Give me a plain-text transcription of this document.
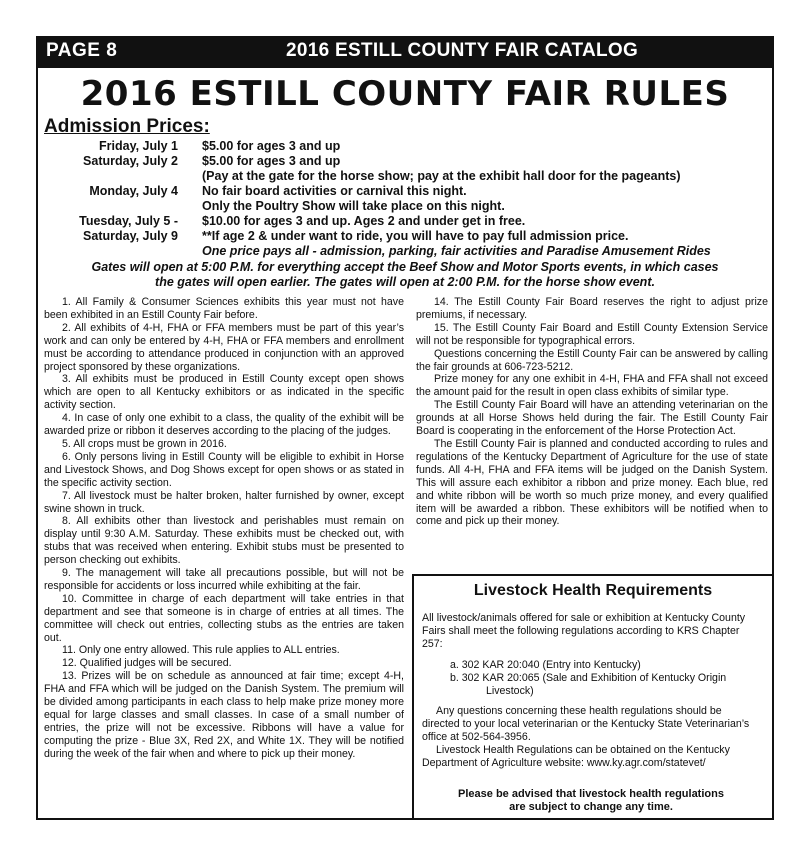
PAGE 8	2016 ESTILL COUNTY FAIR CATALOG
2016 ESTILL COUNTY FAIR RULES
Admission Prices:
Friday, July 1 $5.00 for ages 3 and up
Saturday, July 2 $5.00 for ages 3 and up
(Pay at the gate for the horse show; pay at the exhibit hall door for the pageants)
Monday, July 4 No fair board activities or carnival this night.
Only the Poultry Show will take place on this night.
Tuesday, July 5 - $10.00 for ages 3 and up. Ages 2 and under get in free.
Saturday, July 9 **If age 2 & under want to ride, you will have to pay full admission price.
One price pays all - admission, parking, fair activities and Paradise Amusement Rides
Gates will open at 5:00 P.M. for everything accept the Beef Show and Motor Sports events, in which cases
the gates will open earlier. The gates will open at 2:00 P.M. for the horse show event.

1. All Family & Consumer Sciences exhibits this year must not have been exhibited in an Estill County Fair before.

2. All exhibits of 4-H, FHA or FFA members must be part of this year’s work and can only be entered by 4-H, FHA or FFA members and enrollment must be according to attendance produced in conjunction with an approved project sponsored by these organizations.

3. All exhibits must be produced in Estill County except open shows which are open to all Kentucky exhibitors or as indicated in the specific activity section.

4. In case of only one exhibit to a class, the quality of the exhibit will be awarded prize or ribbon it deserves according to the placing of the judges.

5. All crops must be grown in 2016.

6. Only persons living in Estill County will be eligible to exhibit in Horse and Livestock Shows, and Dog Shows except for open shows or as stated in the specific activity section.

7. All livestock must be halter broken, halter furnished by owner, except swine shown in truck.

8. All exhibits other than livestock and perishables must remain on display until 9:30 A.M. Saturday. These exhibits must be checked out, with stubs that was received when entering. Exhibit stubs must be presented to person checking out exhibits.

9. The management will take all precautions possible, but will not be responsible for accidents or loss incurred while exhibiting at the fair.

10. Committee in charge of each department will take entries in that department and see that someone is in charge of entries at all times. The committee will check out entries, collecting stubs as the entries are taken out.

11. Only one entry allowed. This rule applies to ALL entries.

12. Qualified judges will be secured.

13. Prizes will be on schedule as announced at fair time; except 4-H, FHA and FFA which will be judged on the Danish System. The premium will be divided among participants in each class to help make prize money more equal for large classes and small classes. In case of a small number of entries, the prize will not be excessive. Ribbons will have a value for computing the prize - Blue 3X, Red 2X, and White 1X. They will be notified during the week of the fair when and where to pick up their money.

14. The Estill County Fair Board reserves the right to adjust prize premiums, if necessary.

15. The Estill County Fair Board and Estill County Extension Service will not be responsible for typographical errors.

Questions concerning the Estill County Fair can be answered by calling the fair grounds at 606-723-5212.

Prize money for any one exhibit in 4-H, FHA and FFA shall not exceed the amount paid for the result in open class exhibits of similar type.

The Estill County Fair Board will have an attending veterinarian on the grounds at all Horse Shows held during the fair. The Estill County Fair Board is cooperating in the enforcement of the Horse Protection Act.

The Estill County Fair is planned and conducted according to rules and regulations of the Kentucky Department of Agriculture for the use of state funds. All 4-H, FHA and FFA items will be judged on the Danish System. This will assure each exhibitor a ribbon and prize money. Each blue, red and white ribbon will be worth so much prize money, and every qualified item will be awarded a ribbon. These exhibitors will be notified when to come and pick up their money.

Livestock Health Requirements

All livestock/animals offered for sale or exhibition at Kentucky County Fairs shall meet the following regulations according to KRS Chapter 257:

a. 302 KAR 20:040 (Entry into Kentucky)

b. 302 KAR 20:065 (Sale and Exhibition of Kentucky Origin

Livestock)

Any questions concerning these health regulations should be directed to your local veterinarian or the Kentucky State Veterinarian’s office at 502-564-3956.

Livestock Health Regulations can be obtained on the Kentucky Department of Agriculture website: www.ky.agr.com/statevet/

Please be advised that livestock health regulations
are subject to change any time.
